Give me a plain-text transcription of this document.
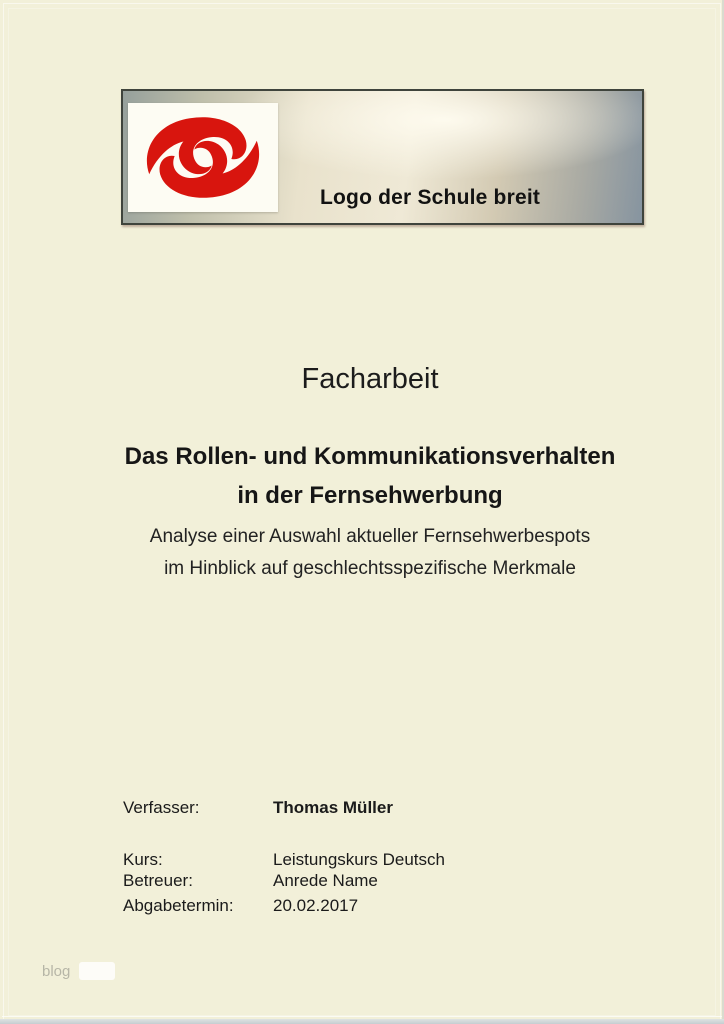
Logo der Schule breit
Facharbeit
Das Rollen- und Kommunikationsverhalten
in der Fernsehwerbung
Analyse einer Auswahl aktueller Fernsehwerbespots
im Hinblick auf geschlechtsspezifische Merkmale
Verfasser:	Thomas Müller
Kurs:	Leistungskurs Deutsch
Betreuer:	Anrede Name
Abgabetermin: 20.02.2017
blog
